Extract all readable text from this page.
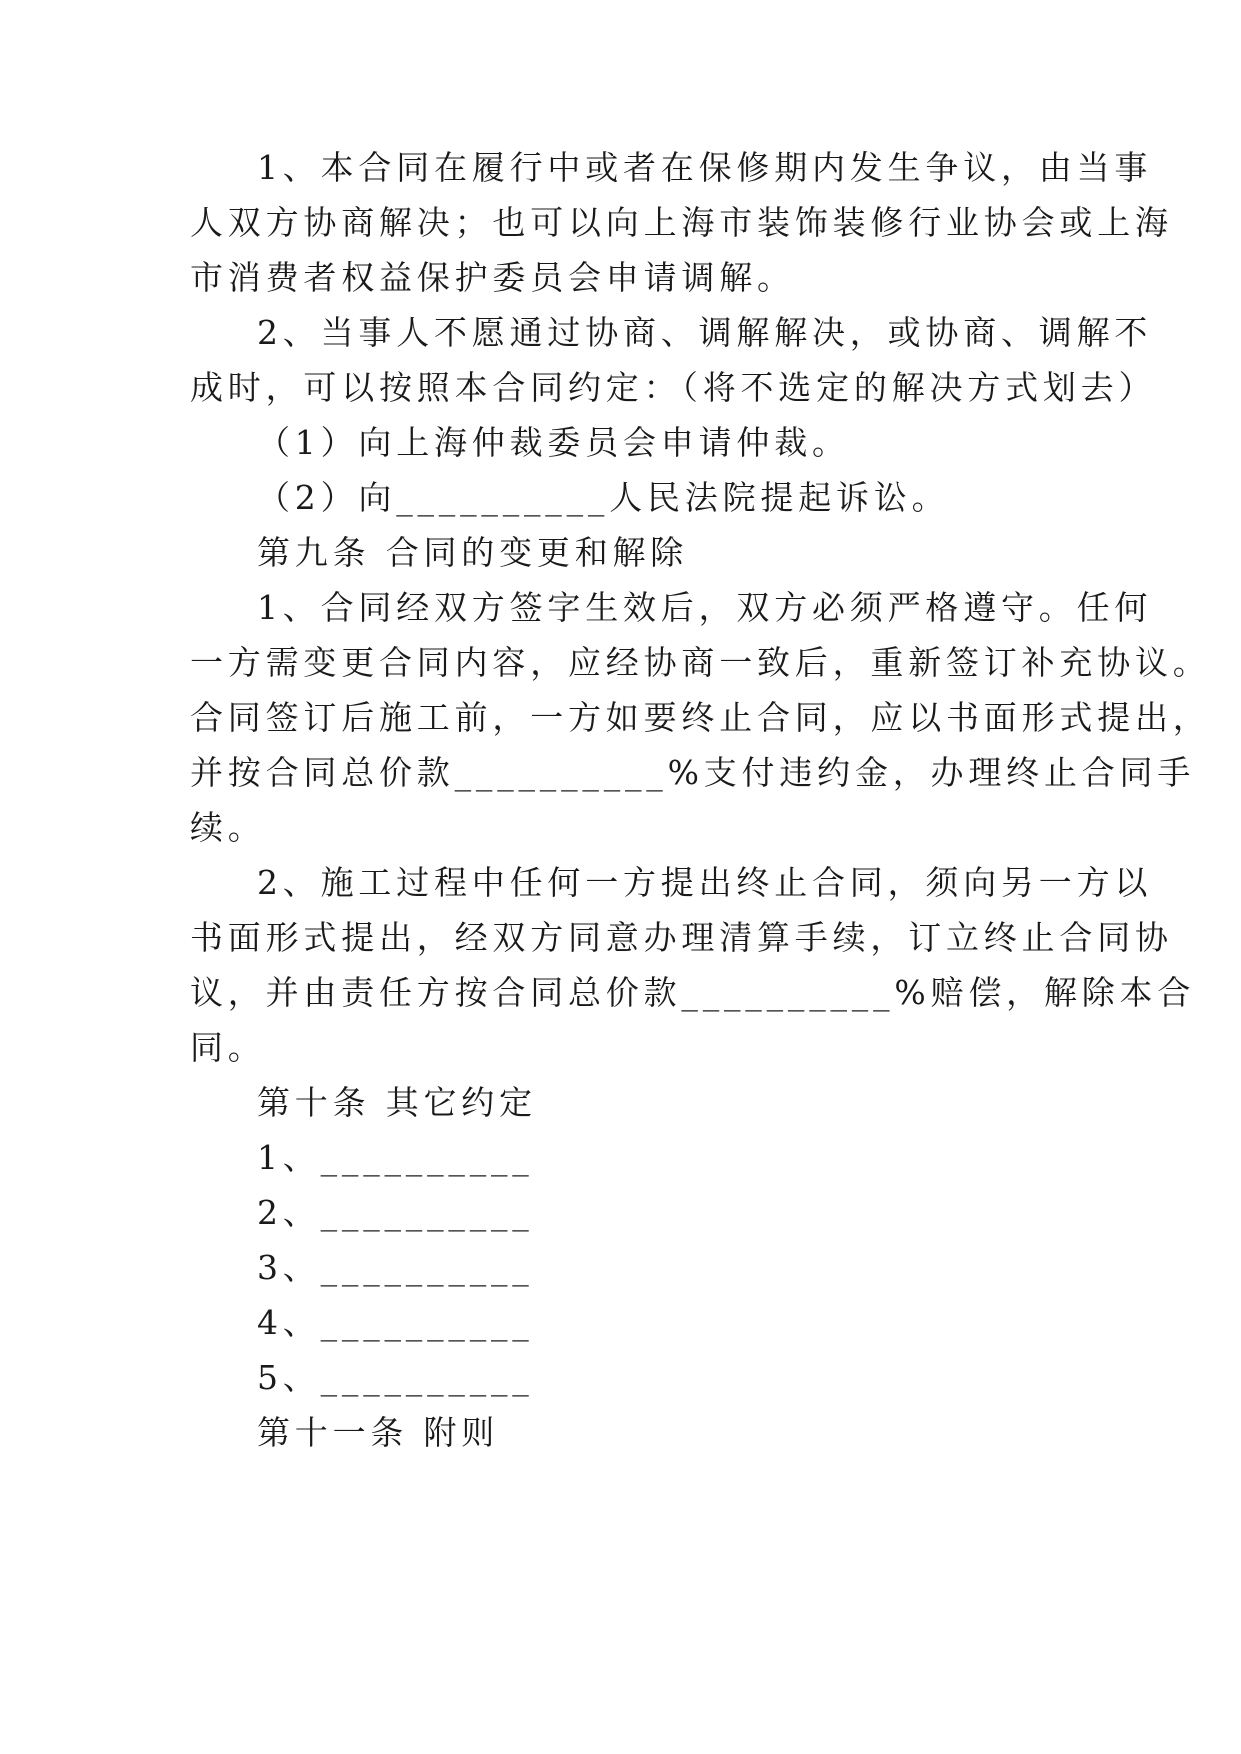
1、本合同在履行中或者在保修期内发生争议，由当事

人双方协商解决；也可以向上海市装饰装修行业协会或上海

市消费者权益保护委员会申请调解。

2、当事人不愿通过协商、调解解决，或协商、调解不

成时，可以按照本合同约定：（将不选定的解决方式划去）

（1）向上海仲裁委员会申请仲裁。

（2）向__________人民法院提起诉讼。

第九条 合同的变更和解除

1、合同经双方签字生效后，双方必须严格遵守。任何

一方需变更合同内容，应经协商一致后，重新签订补充协议。

合同签订后施工前，一方如要终止合同，应以书面形式提出，

并按合同总价款__________%支付违约金，办理终止合同手

续。

2、施工过程中任何一方提出终止合同，须向另一方以

书面形式提出，经双方同意办理清算手续，订立终止合同协

议，并由责任方按合同总价款__________%赔偿，解除本合

同。

第十条 其它约定

1、__________

2、__________

3、__________

4、__________

5、__________

第十一条 附则
